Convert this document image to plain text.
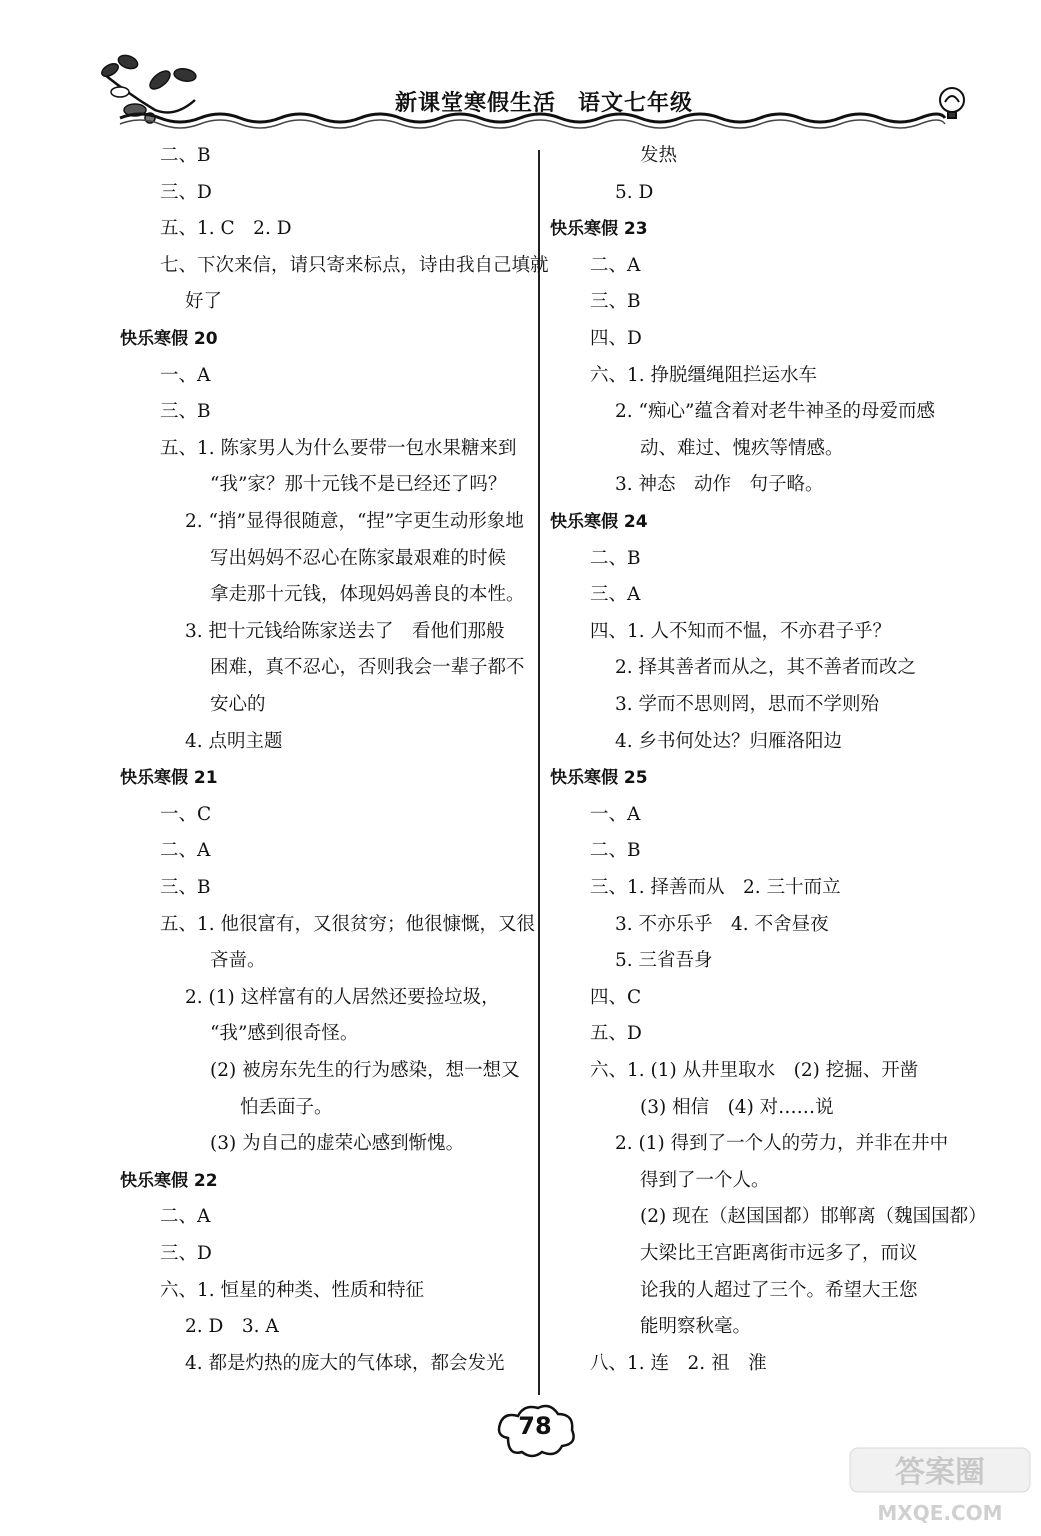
新课堂寒假生活 语文七年级
二、B
三、D
五、1. C　2. D
七、下次来信，请只寄来标点，诗由我自己填就
好了
快乐寒假 20
一、A
三、B
五、1. 陈家男人为什么要带一包水果糖来到
“我”家？那十元钱不是已经还了吗？
2. “捎”显得很随意，“捏”字更生动形象地
写出妈妈不忍心在陈家最艰难的时候
拿走那十元钱，体现妈妈善良的本性。
3. 把十元钱给陈家送去了　看他们那般
困难，真不忍心，否则我会一辈子都不
安心的
4. 点明主题
快乐寒假 21
一、C
二、A
三、B
五、1. 他很富有，又很贫穷；他很慷慨，又很
吝啬。
2. (1) 这样富有的人居然还要捡垃圾，
“我”感到很奇怪。
(2) 被房东先生的行为感染，想一想又
怕丢面子。
(3) 为自己的虚荣心感到惭愧。
快乐寒假 22
二、A
三、D
六、1. 恒星的种类、性质和特征
2. D　3. A
4. 都是灼热的庞大的气体球，都会发光
发热
5. D
快乐寒假 23
二、A
三、B
四、D
六、1. 挣脱缰绳阻拦运水车
2. “痴心”蕴含着对老牛神圣的母爱而感
动、难过、愧疚等情感。
3. 神态　动作　句子略。
快乐寒假 24
二、B
三、A
四、1. 人不知而不愠，不亦君子乎？
2. 择其善者而从之，其不善者而改之
3. 学而不思则罔，思而不学则殆
4. 乡书何处达？归雁洛阳边
快乐寒假 25
一、A
二、B
三、1. 择善而从　2. 三十而立
3. 不亦乐乎　4. 不舍昼夜
5. 三省吾身
四、C
五、D
六、1. (1) 从井里取水　(2) 挖掘、开凿
(3) 相信　(4) 对……说
2. (1) 得到了一个人的劳力，并非在井中
得到了一个人。
(2) 现在（赵国国都）邯郸离（魏国国都）
大梁比王宫距离街市远多了，而议
论我的人超过了三个。希望大王您
能明察秋毫。
八、1. 连　2. 祖　淮
78
答案圈
MXQE.COM
